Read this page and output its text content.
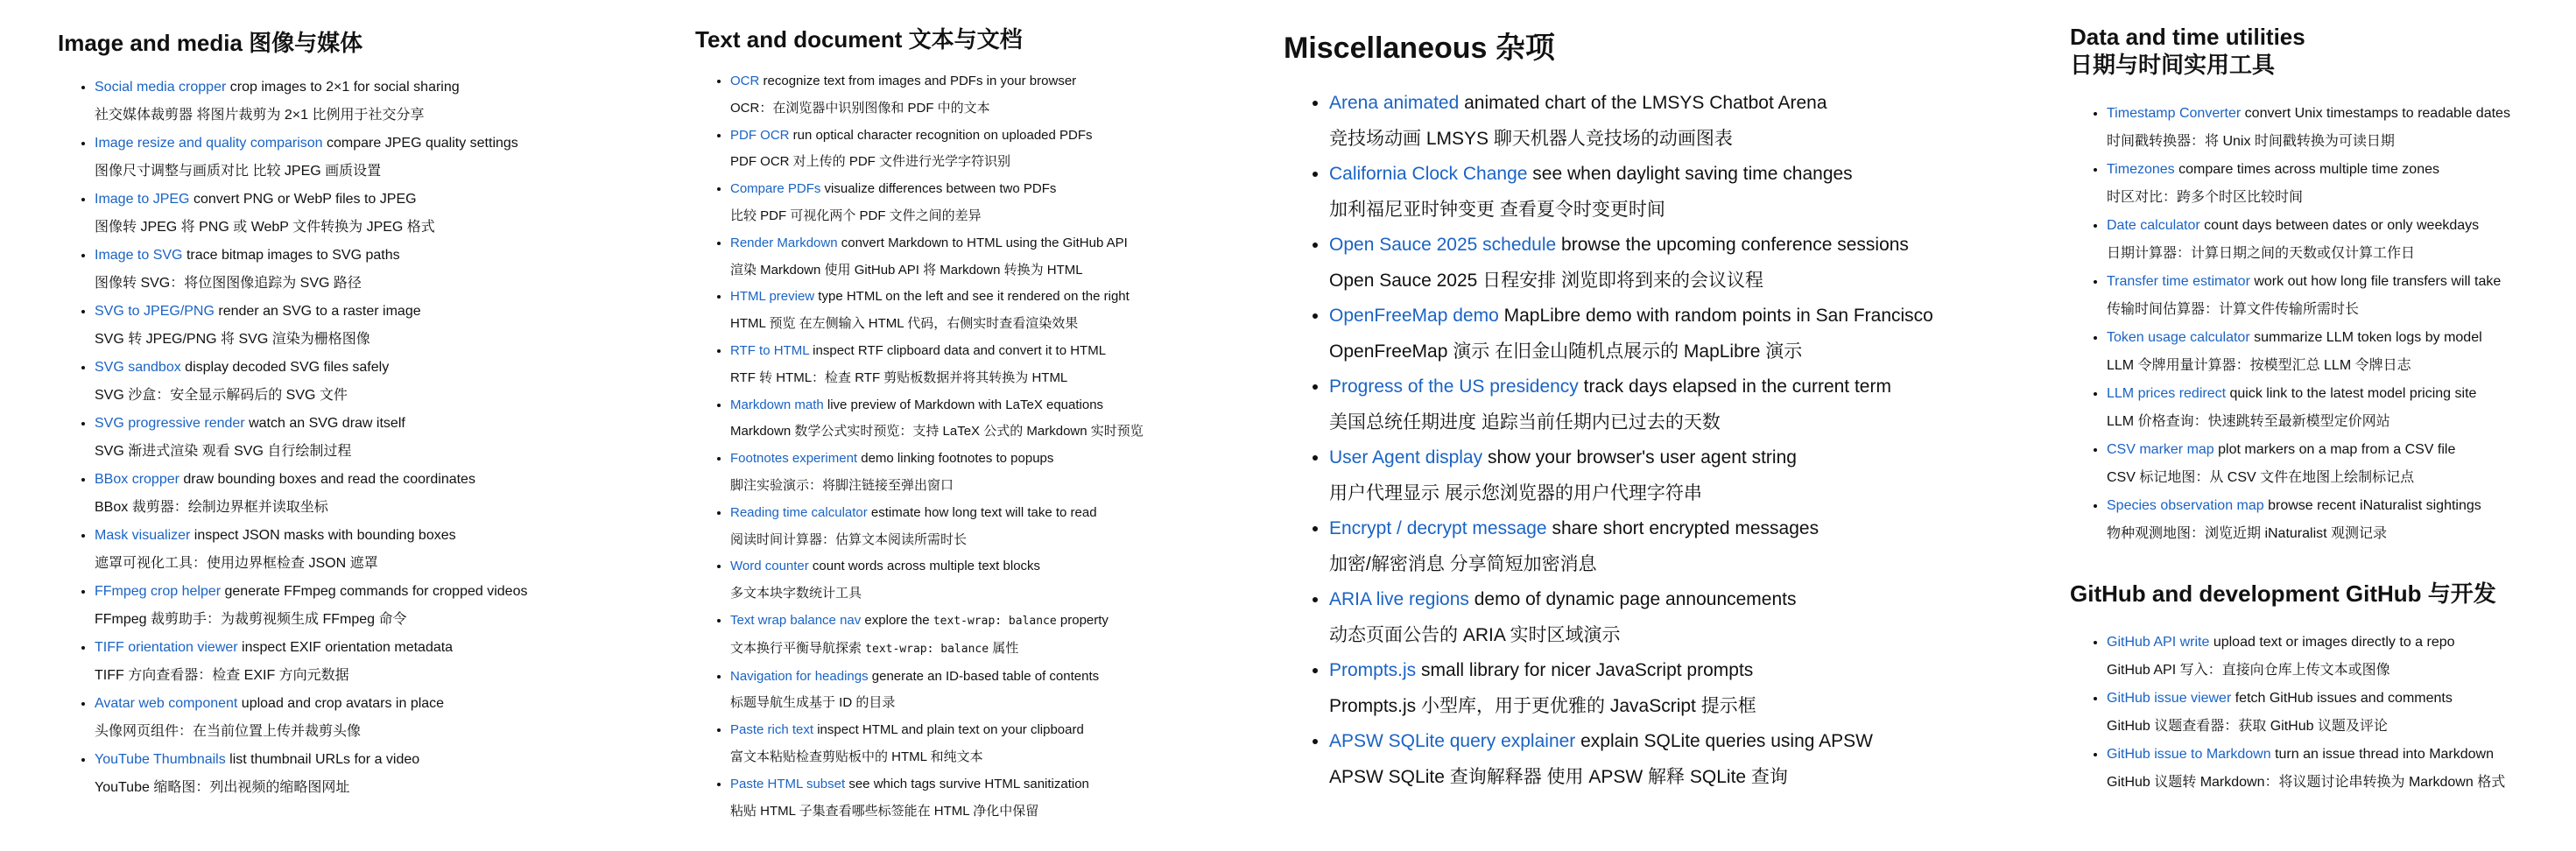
Image and media 图像与媒体
• Social media cropper crop images to 2×1 for social sharing
社交媒体裁剪器 将图片裁剪为 2×1 比例用于社交分享
• Image resize and quality comparison compare JPEG quality settings
图像尺寸调整与画质对比 比较 JPEG 画质设置
• Image to JPEG convert PNG or WebP files to JPEG
图像转 JPEG 将 PNG 或 WebP 文件转换为 JPEG 格式
• Image to SVG trace bitmap images to SVG paths
图像转 SVG：将位图图像追踪为 SVG 路径
• SVG to JPEG/PNG render an SVG to a raster image
SVG 转 JPEG/PNG 将 SVG 渲染为栅格图像
• SVG sandbox display decoded SVG files safely
SVG 沙盒：安全显示解码后的 SVG 文件
• SVG progressive render watch an SVG draw itself
SVG 渐进式渲染 观看 SVG 自行绘制过程
• BBox cropper draw bounding boxes and read the coordinates
BBox 裁剪器：绘制边界框并读取坐标
• Mask visualizer inspect JSON masks with bounding boxes
遮罩可视化工具：使用边界框检查 JSON 遮罩
• FFmpeg crop helper generate FFmpeg commands for cropped videos
FFmpeg 裁剪助手：为裁剪视频生成 FFmpeg 命令
• TIFF orientation viewer inspect EXIF orientation metadata
TIFF 方向查看器：检查 EXIF 方向元数据
• Avatar web component upload and crop avatars in place
头像网页组件：在当前位置上传并裁剪头像
• YouTube Thumbnails list thumbnail URLs for a video
YouTube 缩略图：列出视频的缩略图网址
Text and document 文本与文档
• OCR recognize text from images and PDFs in your browser
OCR：在浏览器中识别图像和 PDF 中的文本
• PDF OCR run optical character recognition on uploaded PDFs
PDF OCR 对上传的 PDF 文件进行光学字符识别
• Compare PDFs visualize differences between two PDFs
比较 PDF 可视化两个 PDF 文件之间的差异
• Render Markdown convert Markdown to HTML using the GitHub API
渲染 Markdown 使用 GitHub API 将 Markdown 转换为 HTML
• HTML preview type HTML on the left and see it rendered on the right
HTML 预览 在左侧输入 HTML 代码，右侧实时查看渲染效果
• RTF to HTML inspect RTF clipboard data and convert it to HTML
RTF 转 HTML：检查 RTF 剪贴板数据并将其转换为 HTML
• Markdown math live preview of Markdown with LaTeX equations
Markdown 数学公式实时预览：支持 LaTeX 公式的 Markdown 实时预览
• Footnotes experiment demo linking footnotes to popups
脚注实验演示：将脚注链接至弹出窗口
• Reading time calculator estimate how long text will take to read
阅读时间计算器：估算文本阅读所需时长
• Word counter count words across multiple text blocks
多文本块字数统计工具
• Text wrap balance nav explore the text-wrap: balance property
文本换行平衡导航探索 text-wrap: balance 属性
• Navigation for headings generate an ID-based table of contents
标题导航生成基于 ID 的目录
• Paste rich text inspect HTML and plain text on your clipboard
富文本粘贴检查剪贴板中的 HTML 和纯文本
• Paste HTML subset see which tags survive HTML sanitization
粘贴 HTML 子集查看哪些标签能在 HTML 净化中保留
Miscellaneous 杂项
• Arena animated animated chart of the LMSYS Chatbot Arena
竞技场动画 LMSYS 聊天机器人竞技场的动画图表
• California Clock Change see when daylight saving time changes
加利福尼亚时钟变更 查看夏令时变更时间
• Open Sauce 2025 schedule browse the upcoming conference sessions
Open Sauce 2025 日程安排 浏览即将到来的会议议程
• OpenFreeMap demo MapLibre demo with random points in San Francisco
OpenFreeMap 演示 在旧金山随机点展示的 MapLibre 演示
• Progress of the US presidency track days elapsed in the current term
美国总统任期进度 追踪当前任期内已过去的天数
• User Agent display show your browser's user agent string
用户代理显示 展示您浏览器的用户代理字符串
• Encrypt / decrypt message share short encrypted messages
加密/解密消息 分享简短加密消息
• ARIA live regions demo of dynamic page announcements
动态页面公告的 ARIA 实时区域演示
• Prompts.js small library for nicer JavaScript prompts
Prompts.js 小型库，用于更优雅的 JavaScript 提示框
• APSW SQLite query explainer explain SQLite queries using APSW
APSW SQLite 查询解释器 使用 APSW 解释 SQLite 查询
Data and time utilities
日期与时间实用工具
• Timestamp Converter convert Unix timestamps to readable dates
时间戳转换器：将 Unix 时间戳转换为可读日期
• Timezones compare times across multiple time zones
时区对比：跨多个时区比较时间
• Date calculator count days between dates or only weekdays
日期计算器：计算日期之间的天数或仅计算工作日
• Transfer time estimator work out how long file transfers will take
传输时间估算器：计算文件传输所需时长
• Token usage calculator summarize LLM token logs by model
LLM 令牌用量计算器：按模型汇总 LLM 令牌日志
• LLM prices redirect quick link to the latest model pricing site
LLM 价格查询：快速跳转至最新模型定价网站
• CSV marker map plot markers on a map from a CSV file
CSV 标记地图：从 CSV 文件在地图上绘制标记点
• Species observation map browse recent iNaturalist sightings
物种观测地图：浏览近期 iNaturalist 观测记录
GitHub and development GitHub 与开发
• GitHub API write upload text or images directly to a repo
GitHub API 写入：直接向仓库上传文本或图像
• GitHub issue viewer fetch GitHub issues and comments
GitHub 议题查看器：获取 GitHub 议题及评论
• GitHub issue to Markdown turn an issue thread into Markdown
GitHub 议题转 Markdown：将议题讨论串转换为 Markdown 格式
